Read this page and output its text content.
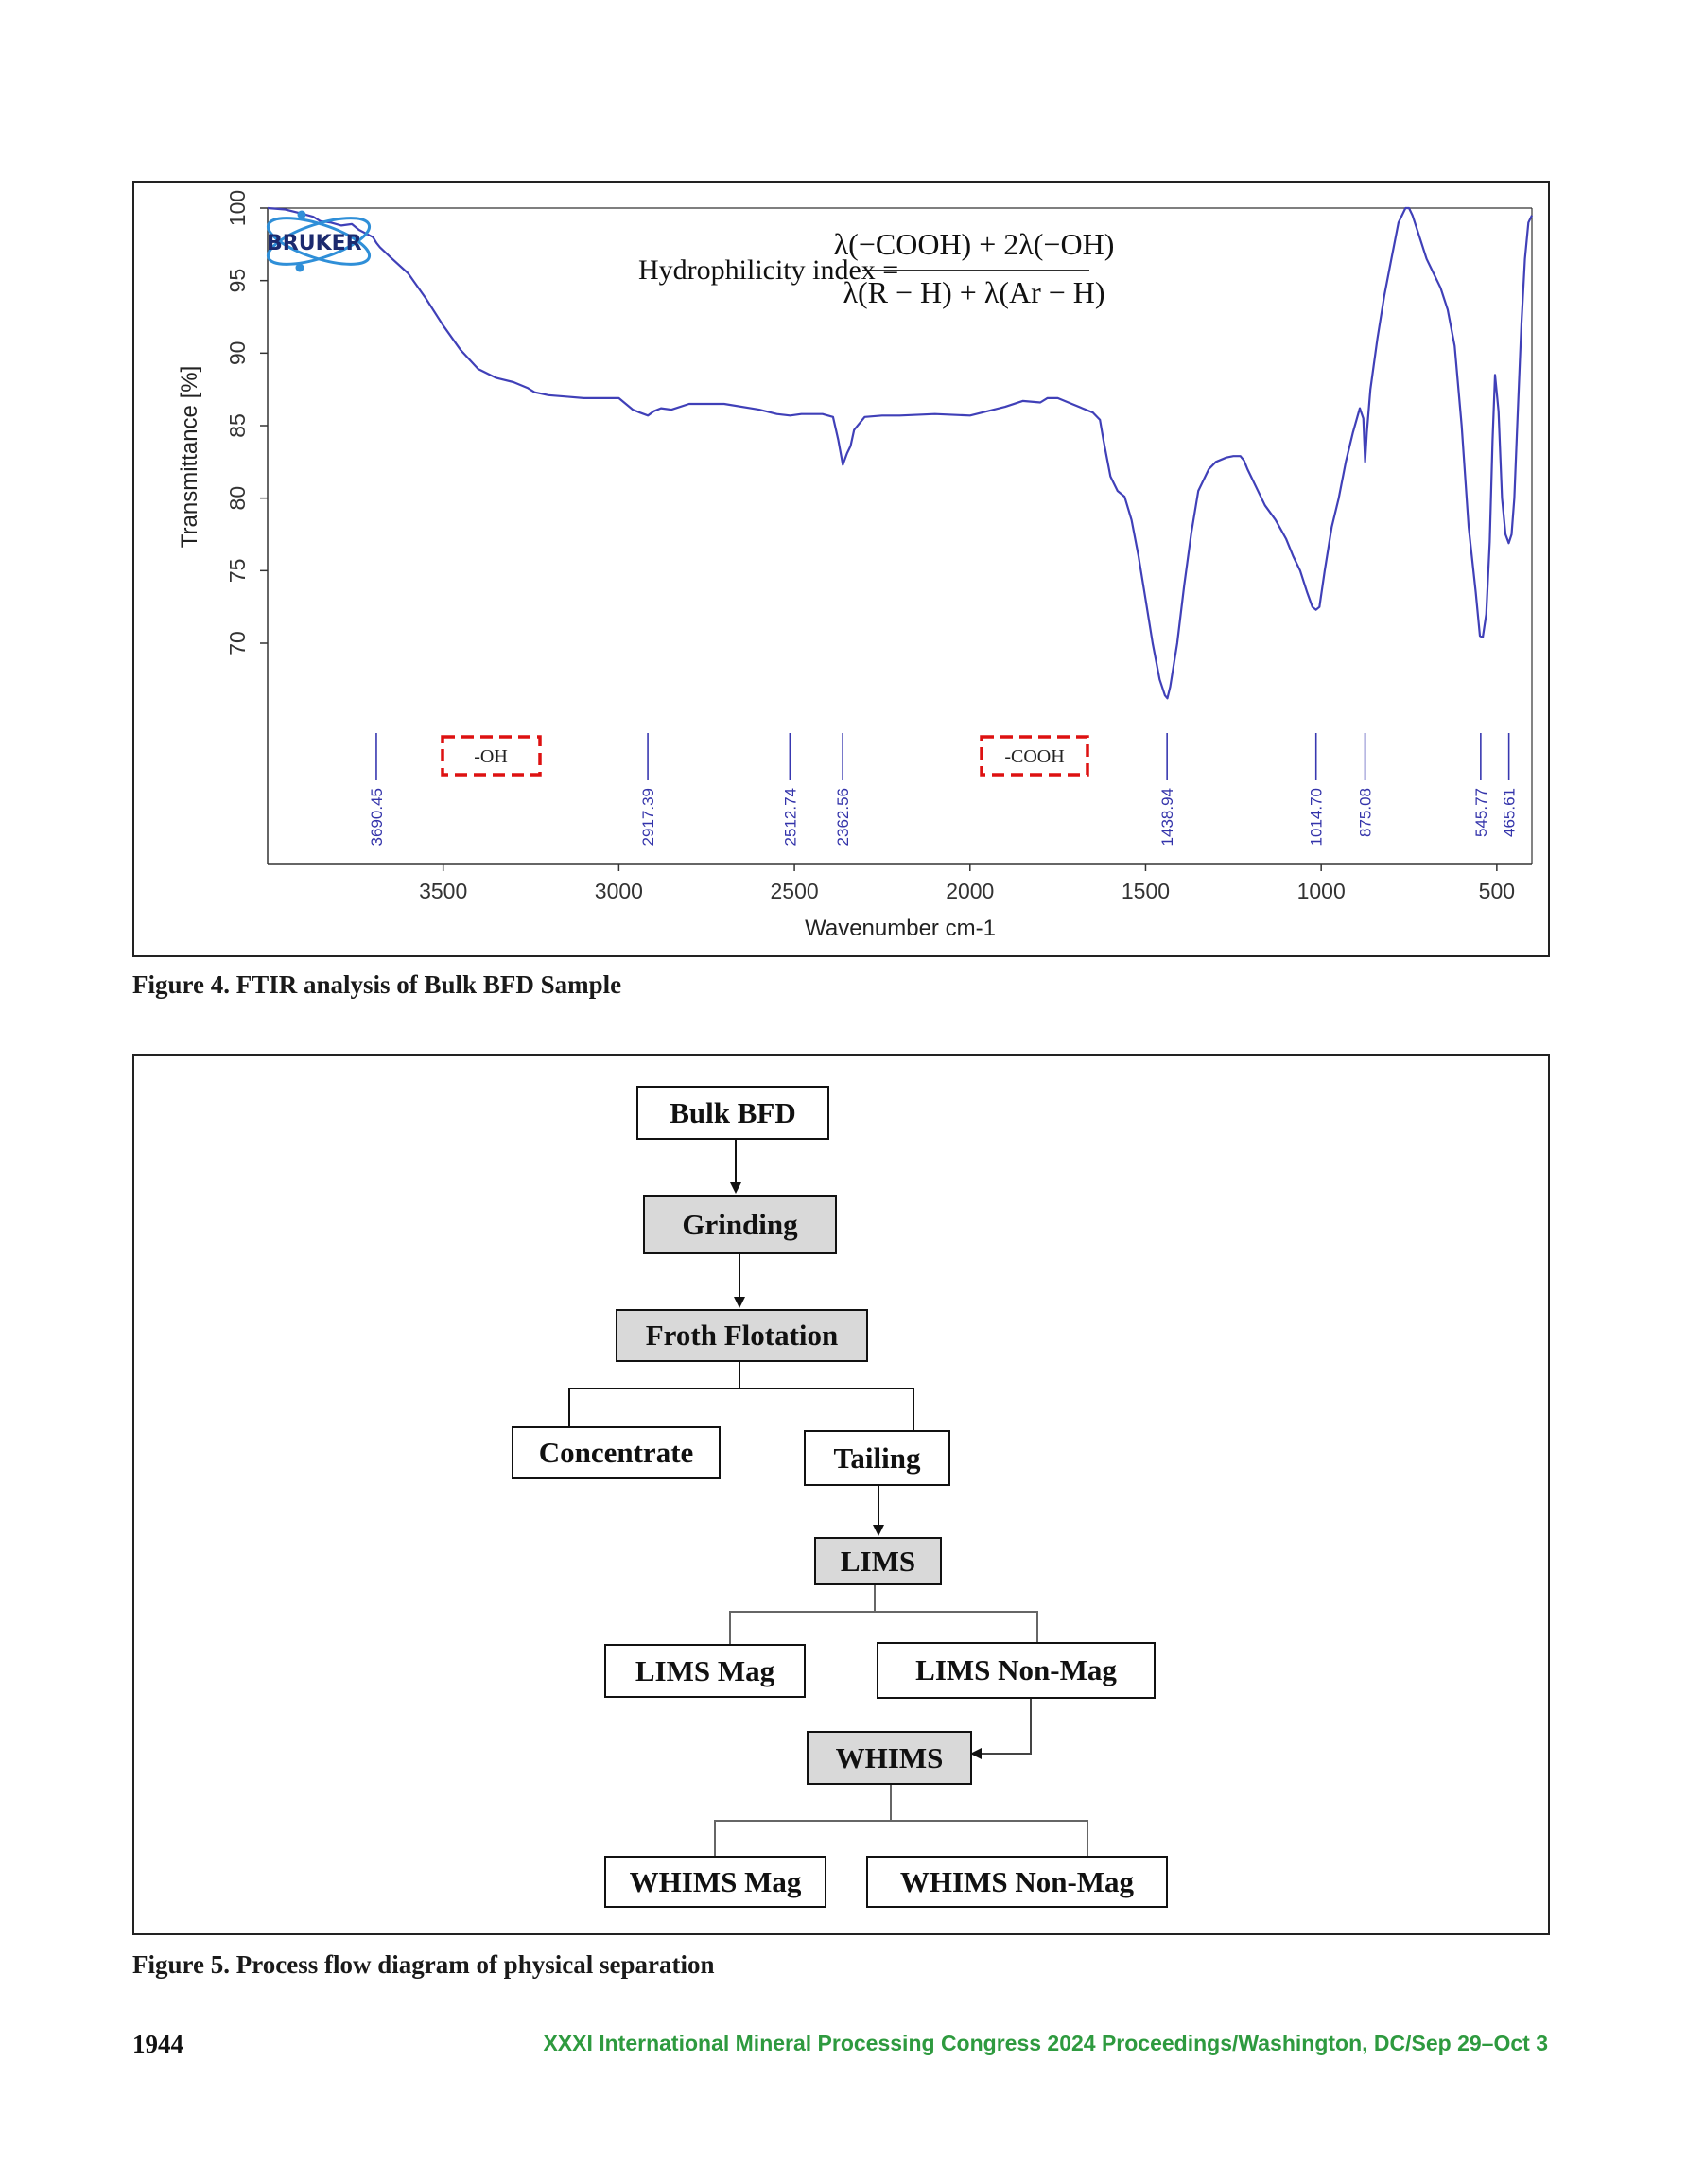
3500	3000	2500	2000	1500	1000	500
70
75
80
85
90
95
100
Transmittance [%]
Wavenumber cm-1
3690.45	2917.39	2512.74 2362.56	1438.94	1014.70 875.08	545.77 465.61
BRUKER
Hydrophilicity index =
λ(−COOH) + 2λ(−OH)
λ(R − H) + λ(Ar − H)
-OH	-COOH
Figure 4. FTIR analysis of Bulk BFD Sample
Bulk BFD
Grinding
Froth Flotation
Concentrate	Tailing
LIMS
LIMS Mag	LIMS Non-Mag
WHIMS
WHIMS Mag	WHIMS Non-Mag
Figure 5. Process flow diagram of physical separation
1944	XXXI International Mineral Processing Congress 2024 Proceedings/Washington, DC/Sep 29–Oct 3
